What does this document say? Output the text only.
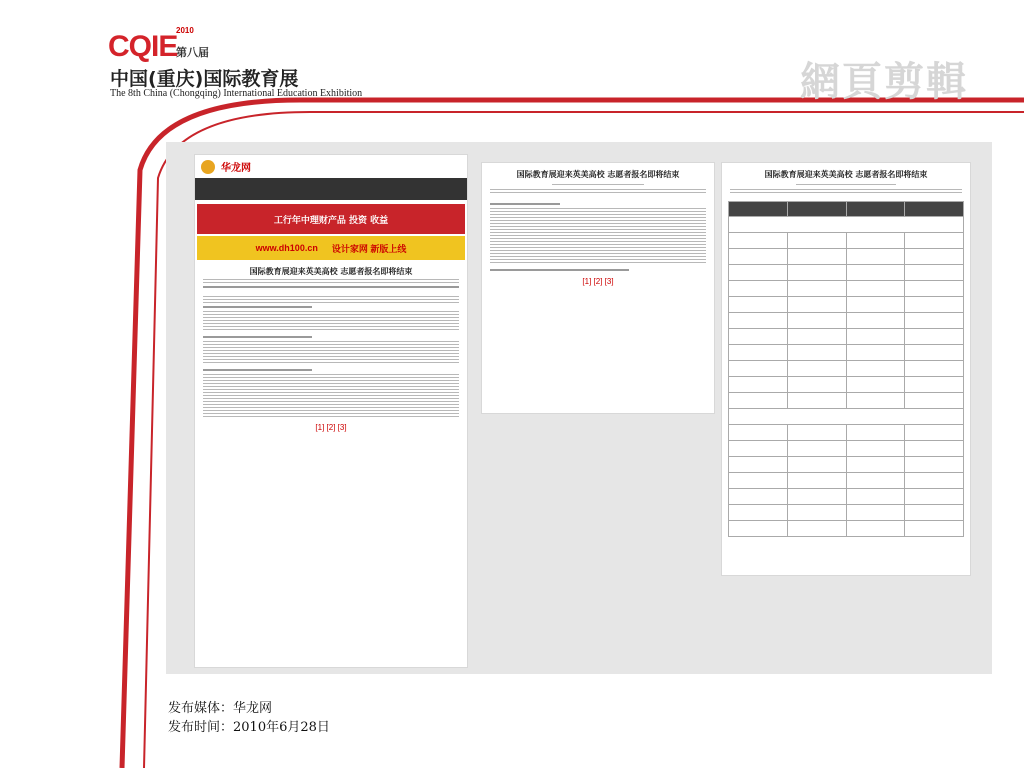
CQIE
2010
第八届
中国(重庆)国际教育展
The 8th China (Chongqing) International Education Exhibition	網頁剪輯
华龙网
工行年中理财产品 投资 收益
www.dh100.cn 设计家网 新版上线
国际教育展迎来英美高校 志愿者报名即将结束
[1] [2] [3]
国际教育展迎来英美高校 志愿者报名即将结束
[1] [2] [3]
国际教育展迎来英美高校 志愿者报名即将结束

发布媒体：华龙网
发布时间：2010年6月28日
